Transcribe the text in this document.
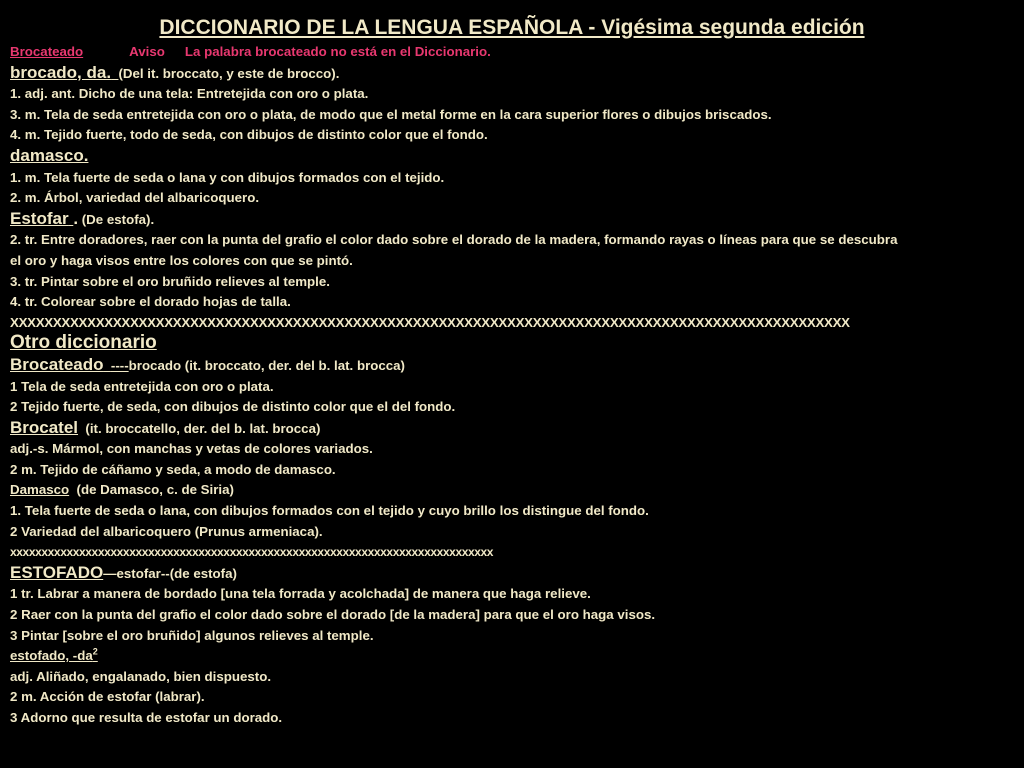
DICCIONARIO DE LA LENGUA ESPAÑOLA - Vigésima segunda edición
Brocateado	Aviso La palabra brocateado no está en el Diccionario.
brocado, da. (Del it. broccato, y este de brocco).
1. adj. ant. Dicho de una tela: Entretejida con oro o plata.
3. m. Tela de seda entretejida con oro o plata, de modo que el metal forme en la cara superior flores o dibujos briscados.
4. m. Tejido fuerte, todo de seda, con dibujos de distinto color que el fondo.
damasco.
1. m. Tela fuerte de seda o lana y con dibujos formados con el tejido.
2. m. Árbol, variedad del albaricoquero.
Estofar . (De estofa).
2. tr. Entre doradores, raer con la punta del grafio el color dado sobre el dorado de la madera, formando rayas o líneas para que se descubra
el oro y haga visos entre los colores con que se pintó.
3. tr. Pintar sobre el oro bruñido relieves al temple.
4. tr. Colorear sobre el dorado hojas de talla.
XXXXXXXXXXXXXXXXXXXXXXXXXXXXXXXXXXXXXXXXXXXXXXXXXXXXXXXXXXXXXXXXXXXXXXXXXXXXXXXXXXXXXXXXXXXXXXXXXX
Otro diccionario
Brocateado ----brocado (it. broccato, der. del b. lat. brocca)
1 Tela de seda entretejida con oro o plata.
2 Tejido fuerte, de seda, con dibujos de distinto color que el del fondo.
Brocatel (it. broccatello, der. del b. lat. brocca)
adj.-s. Mármol, con manchas y vetas de colores variados.
2 m. Tejido de cáñamo y seda, a modo de damasco.
Damasco (de Damasco, c. de Siria)
1. Tela fuerte de seda o lana, con dibujos formados con el tejido y cuyo brillo los distingue del fondo.
2 Variedad del albaricoquero (Prunus armeniaca).
xxxxxxxxxxxxxxxxxxxxxxxxxxxxxxxxxxxxxxxxxxxxxxxxxxxxxxxxxxxxxxxxxxxxxxxxxxxxx
ESTOFADO—estofar--(de estofa)
1 tr. Labrar a manera de bordado [una tela forrada y acolchada] de manera que haga relieve.
2 Raer con la punta del grafio el color dado sobre el dorado [de la madera] para que el oro haga visos.
3 Pintar [sobre el oro bruñido] algunos relieves al temple.
estofado, $-da^2$
adj. Aliñado, engalanado, bien dispuesto.
2 m. Acción de estofar (labrar).
3 Adorno que resulta de estofar un dorado.
